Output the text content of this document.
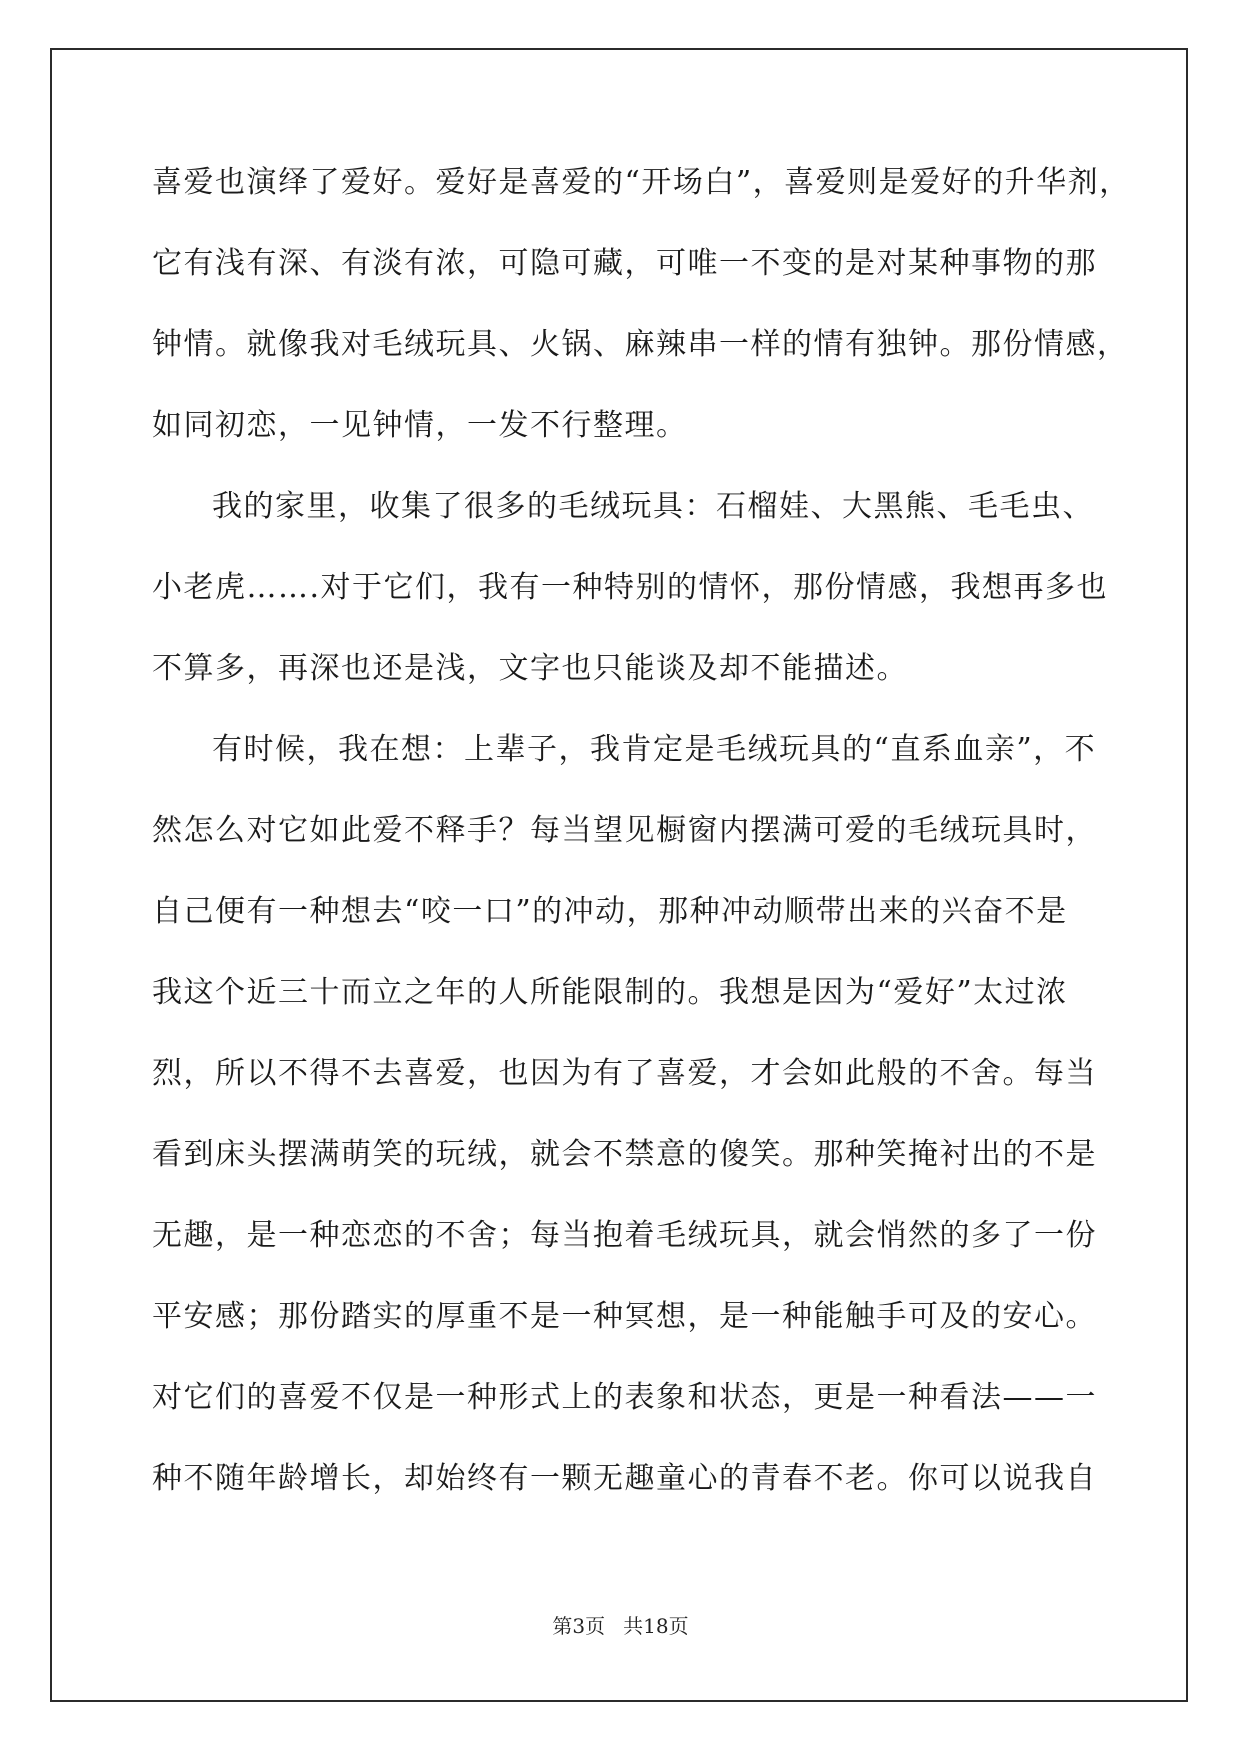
喜爱也演绎了爱好。爱好是喜爱的“开场白”，喜爱则是爱好的升华剂，

它有浅有深、有淡有浓，可隐可藏，可唯一不变的是对某种事物的那

钟情。就像我对毛绒玩具、火锅、麻辣串一样的情有独钟。那份情感，

如同初恋，一见钟情，一发不行整理。

我的家里，收集了很多的毛绒玩具：石榴娃、大黑熊、毛毛虫、

小老虎…….对于它们，我有一种特别的情怀，那份情感，我想再多也

不算多，再深也还是浅，文字也只能谈及却不能描述。

有时候，我在想：上辈子，我肯定是毛绒玩具的“直系血亲”，不

然怎么对它如此爱不释手？每当望见橱窗内摆满可爱的毛绒玩具时，

自己便有一种想去“咬一口”的冲动，那种冲动顺带出来的兴奋不是

我这个近三十而立之年的人所能限制的。我想是因为“爱好”太过浓

烈，所以不得不去喜爱，也因为有了喜爱，才会如此般的不舍。每当

看到床头摆满萌笑的玩绒，就会不禁意的傻笑。那种笑掩衬出的不是

无趣，是一种恋恋的不舍；每当抱着毛绒玩具，就会悄然的多了一份

平安感；那份踏实的厚重不是一种冥想，是一种能触手可及的安心。

对它们的喜爱不仅是一种形式上的表象和状态，更是一种看法——一

种不随年龄增长，却始终有一颗无趣童心的青春不老。你可以说我自

第3页 共18页
